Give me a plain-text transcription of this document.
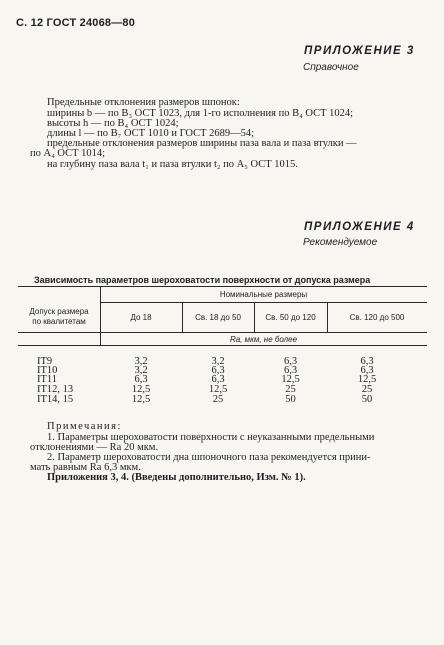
С. 12 ГОСТ 24068—80
ПРИЛОЖЕНИЕ 3
Справочное
Предельные отклонения размеров шпонок:
ширины b — по B₃ ОСТ 1023, для 1-го исполнения по B₄ ОСТ 1024;
высоты h — по B₄ ОСТ 1024;
длины l — по B₇ ОСТ 1010 и ГОСТ 2689—54;
предельные отклонения размеров ширины паза вала и паза втулки —
по A₄ ОСТ 1014;
на глубину паза вала t₁ и паза втулки t₂ по A₅ ОСТ 1015.
ПРИЛОЖЕНИЕ 4
Рекомендуемое
Зависимость параметров шероховатости поверхности от допуска размера
Допуск размера
по квалитетам
Номинальные размеры
До 18	Св. 18 до 50	Св. 50 до 120	Св. 120 до 500
Ra, мкм, не более
IT9	3,2	3,2	6,3	6,3
IT10	3,2	6,3	6,3	6,3
IT11	6,3	6,3	12,5	12,5
IT12, 13	12,5	12,5	25	25
IT14, 15	12,5	25	50	50
Примечания:
1. Параметры шероховатости поверхности с неуказанными предельными
отклонениями — Ra 20 мкм.
2. Параметр шероховатости дна шпоночного паза рекомендуется прини-
мать равным Ra 6,3 мкм.
Приложения 3, 4. (Введены дополнительно, Изм. № 1).
